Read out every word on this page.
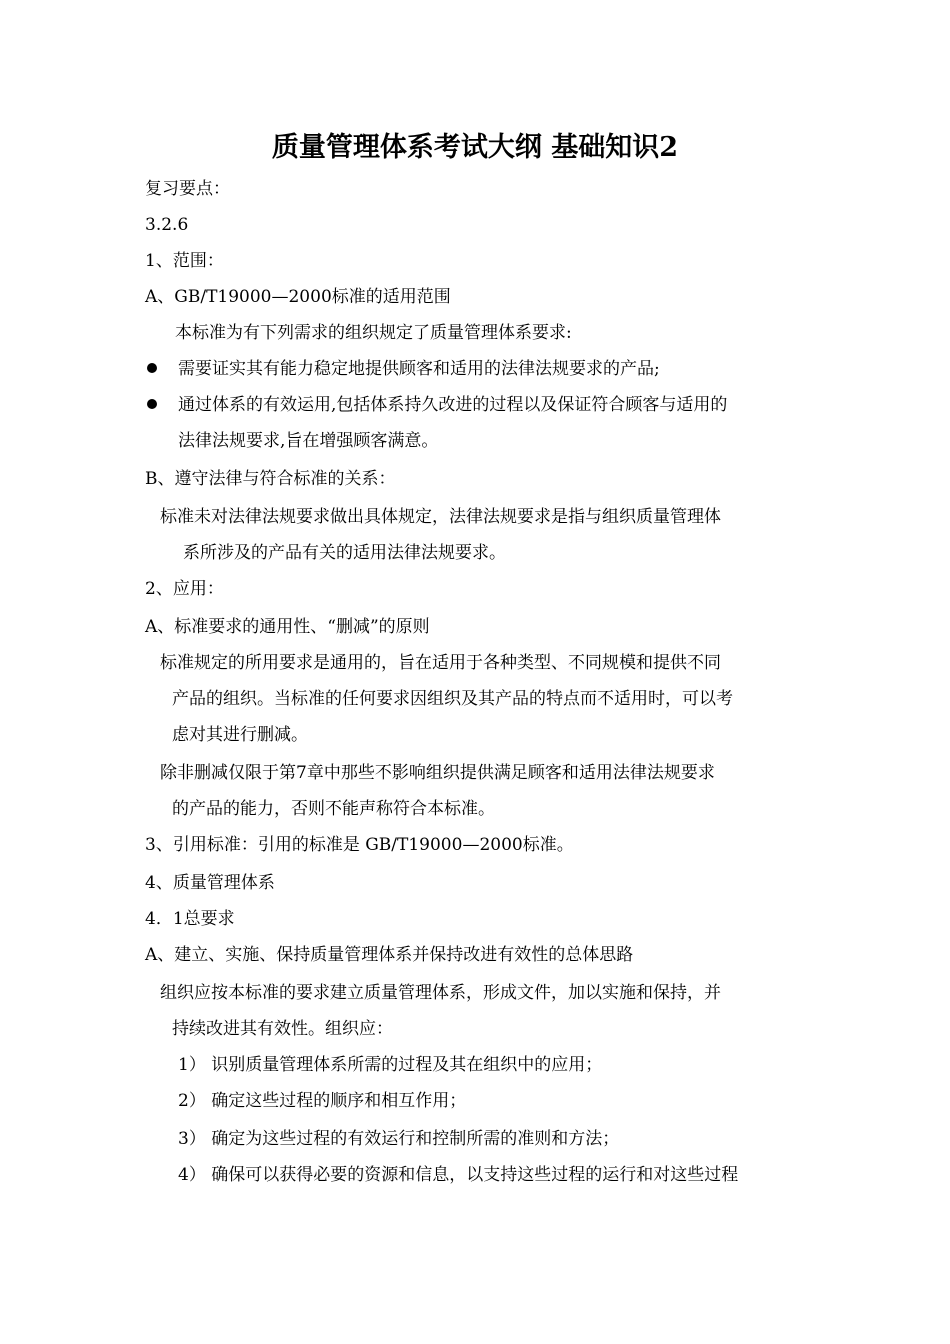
质量管理体系考试大纲 基础知识2
复习要点：
3.2.6
1、范围：
A、GB/T19000—2000标准的适用范围
本标准为有下列需求的组织规定了质量管理体系要求:
需要证实其有能力稳定地提供顾客和适用的法律法规要求的产品;
通过体系的有效运用,包括体系持久改进的过程以及保证符合顾客与适用的
法律法规要求,旨在增强顾客满意。
B、遵守法律与符合标准的关系：
标准未对法律法规要求做出具体规定，法律法规要求是指与组织质量管理体
系所涉及的产品有关的适用法律法规要求。
2、应用：
A、标准要求的通用性、“删减”的原则
标准规定的所用要求是通用的，旨在适用于各种类型、不同规模和提供不同
产品的组织。当标准的任何要求因组织及其产品的特点而不适用时，可以考
虑对其进行删减。
除非删减仅限于第7章中那些不影响组织提供满足顾客和适用法律法规要求
的产品的能力，否则不能声称符合本标准。
3、引用标准：引用的标准是 GB/T19000—2000标准。
4、质量管理体系
4．1总要求
A、建立、实施、保持质量管理体系并保持改进有效性的总体思路
组织应按本标准的要求建立质量管理体系，形成文件，加以实施和保持，并
持续改进其有效性。组织应：
1） 识别质量管理体系所需的过程及其在组织中的应用；
2） 确定这些过程的顺序和相互作用；
3） 确定为这些过程的有效运行和控制所需的准则和方法；
4） 确保可以获得必要的资源和信息，以支持这些过程的运行和对这些过程
